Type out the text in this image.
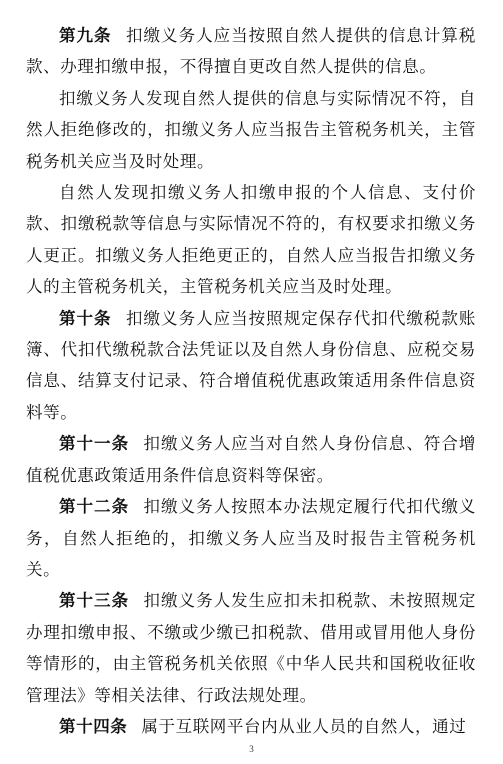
第九条 扣缴义务人应当按照自然人提供的信息计算税款、办理扣缴申报，不得擅自更改自然人提供的信息。

扣缴义务人发现自然人提供的信息与实际情况不符，自然人拒绝修改的，扣缴义务人应当报告主管税务机关，主管税务机关应当及时处理。

自然人发现扣缴义务人扣缴申报的个人信息、支付价款、扣缴税款等信息与实际情况不符的，有权要求扣缴义务人更正。扣缴义务人拒绝更正的，自然人应当报告扣缴义务人的主管税务机关，主管税务机关应当及时处理。

第十条 扣缴义务人应当按照规定保存代扣代缴税款账簿、代扣代缴税款合法凭证以及自然人身份信息、应税交易信息、结算支付记录、符合增值税优惠政策适用条件信息资料等。

第十一条 扣缴义务人应当对自然人身份信息、符合增值税优惠政策适用条件信息资料等保密。

第十二条 扣缴义务人按照本办法规定履行代扣代缴义务，自然人拒绝的，扣缴义务人应当及时报告主管税务机关。

第十三条 扣缴义务人发生应扣未扣税款、未按照规定办理扣缴申报、不缴或少缴已扣税款、借用或冒用他人身份等情形的，由主管税务机关依照《中华人民共和国税收征收管理法》等相关法律、行政法规处理。

第十四条 属于互联网平台内从业人员的自然人，通过

3
